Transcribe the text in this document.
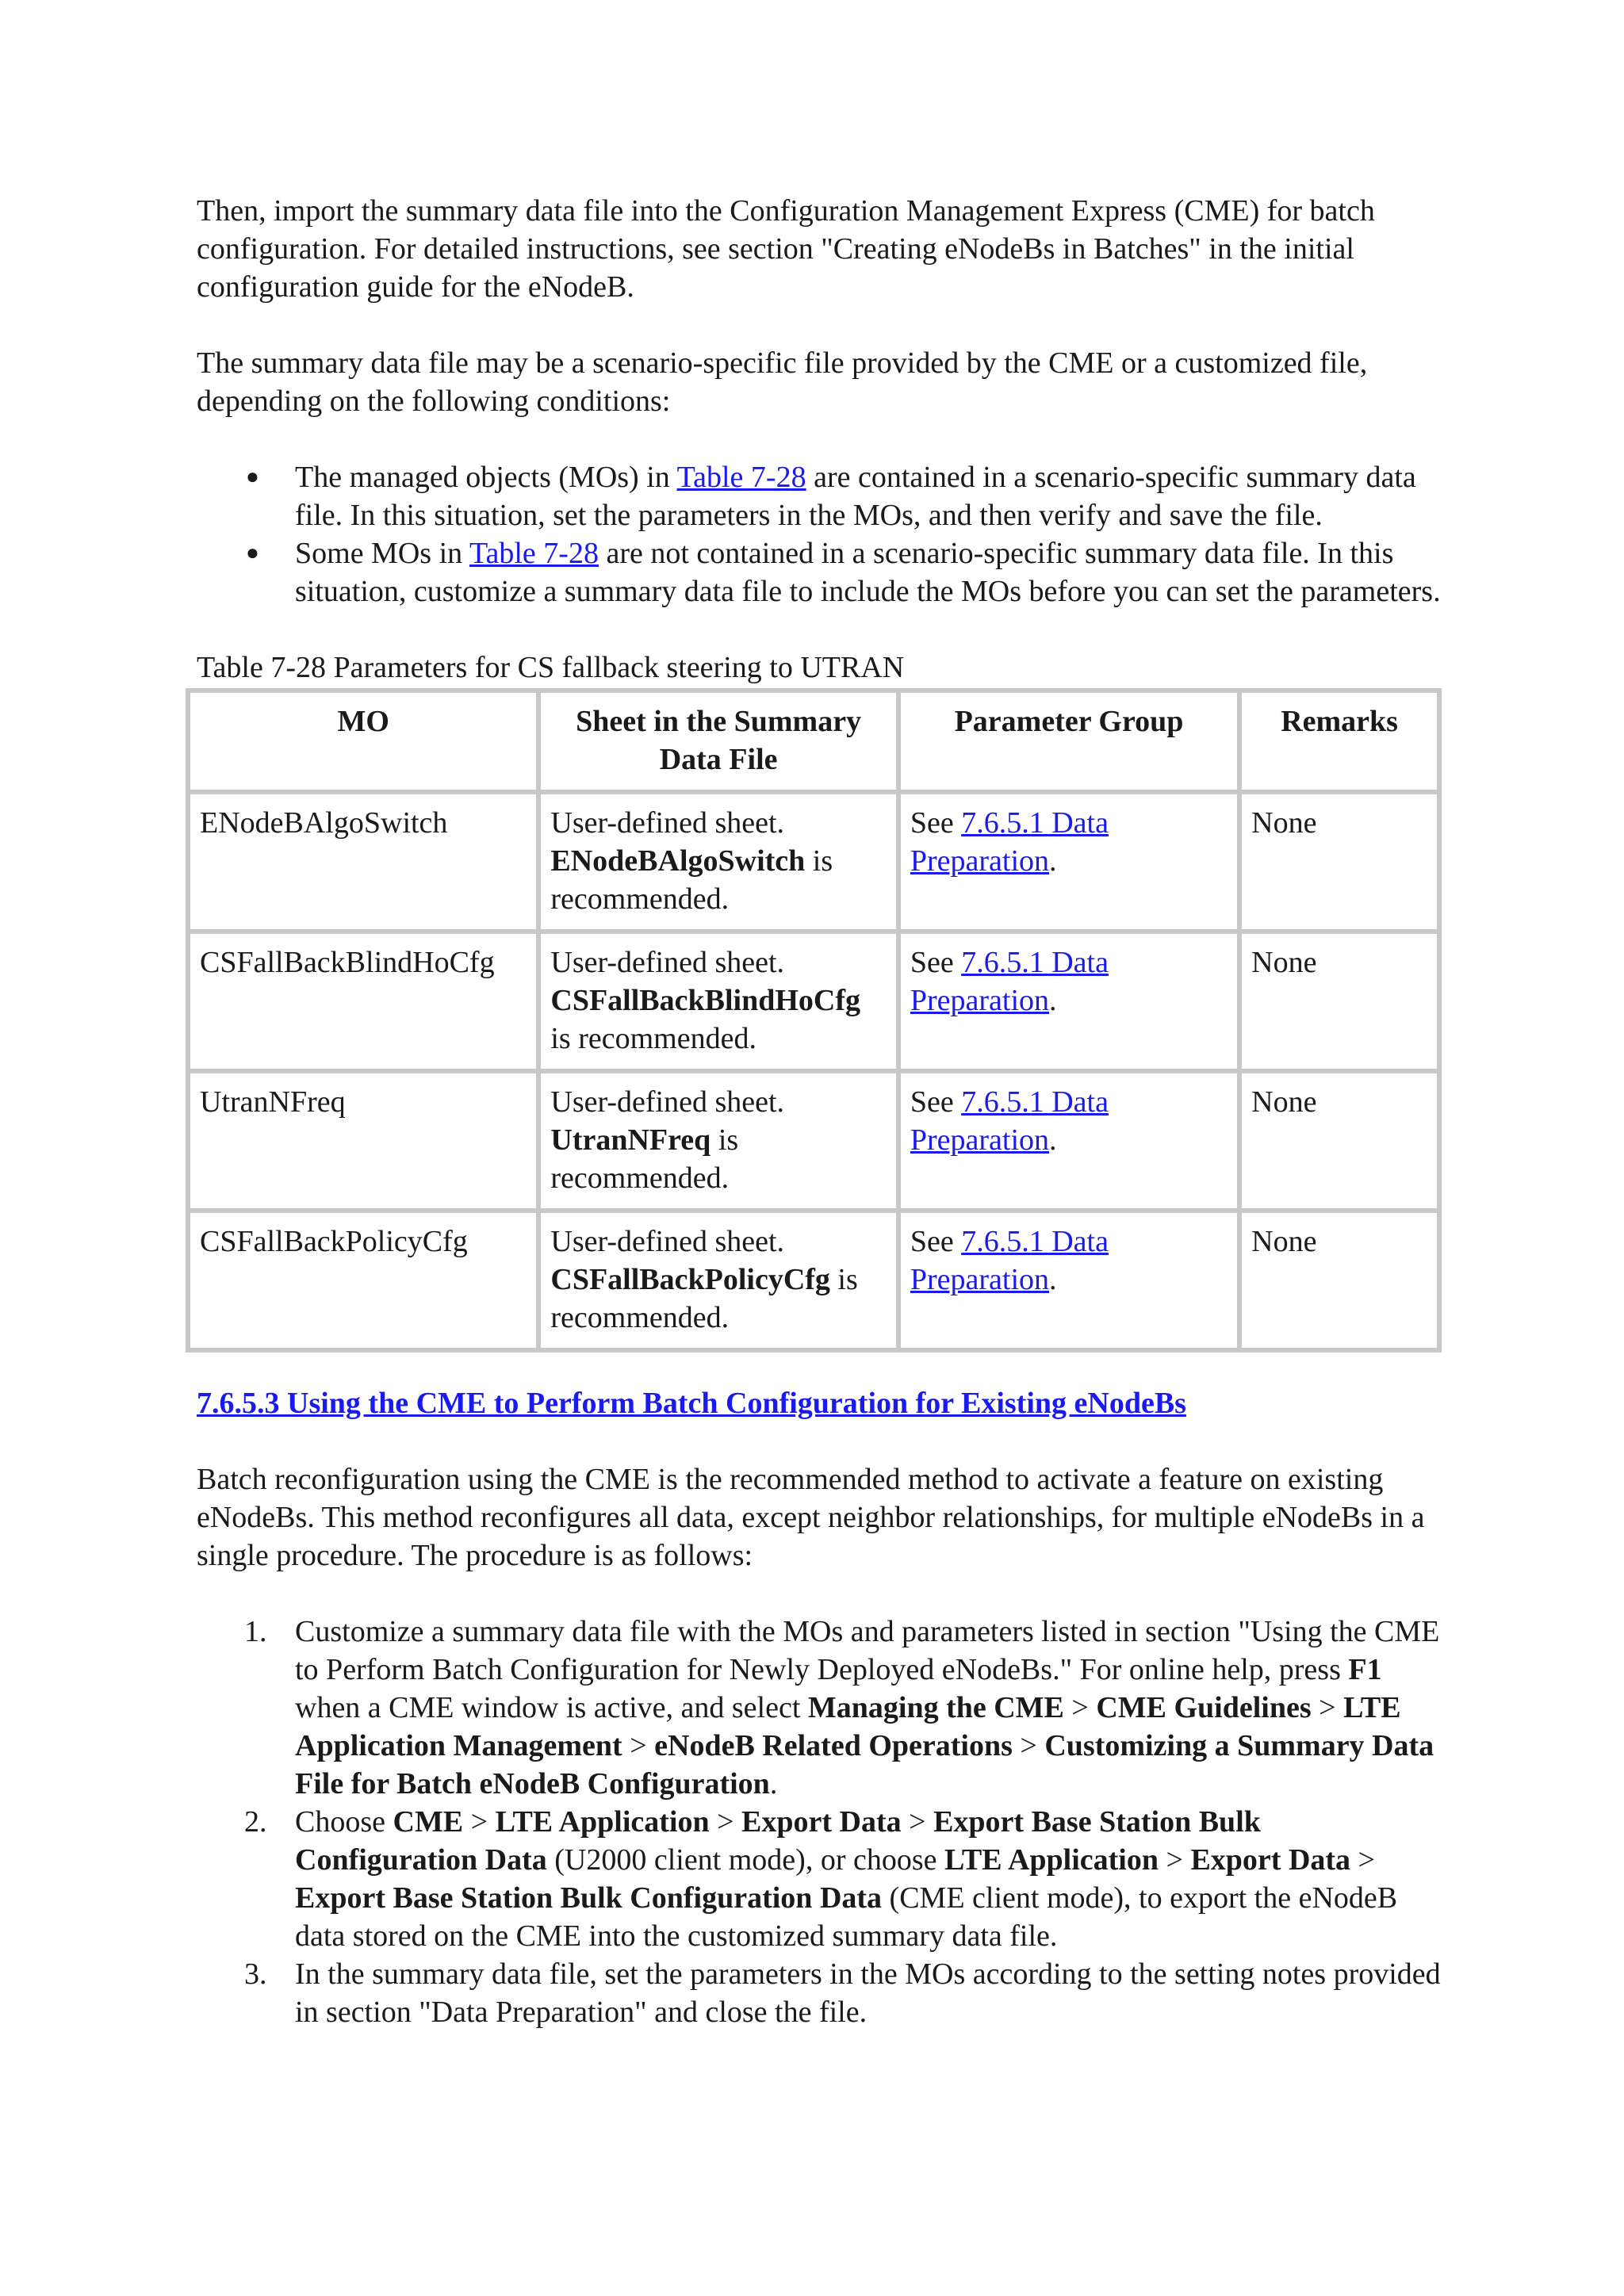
Then, import the summary data file into the Configuration Management Express (CME) for batch configuration. For detailed instructions, see section "Creating eNodeBs in Batches" in the initial configuration guide for the eNodeB.

The summary data file may be a scenario-specific file provided by the CME or a customized file, depending on the following conditions:

● The managed objects (MOs) in Table 7-28 are contained in a scenario-specific summary data file. In this situation, set the parameters in the MOs, and then verify and save the file.
● Some MOs in Table 7-28 are not contained in a scenario-specific summary data file. In this situation, customize a summary data file to include the MOs before you can set the parameters.

Table 7-28 Parameters for CS fallback steering to UTRAN

MO	Sheet in the Summary Data File	Parameter Group	Remarks
ENodeBAlgoSwitch	User-defined sheet. ENodeBAlgoSwitch is recommended.	See 7.6.5.1 Data Preparation.	None
CSFallBackBlindHoCfg	User-defined sheet. CSFallBackBlindHoCfg is recommended.	See 7.6.5.1 Data Preparation.	None
UtranNFreq	User-defined sheet. UtranNFreq is recommended.	See 7.6.5.1 Data Preparation.	None
CSFallBackPolicyCfg	User-defined sheet. CSFallBackPolicyCfg is recommended.	See 7.6.5.1 Data Preparation.	None

7.6.5.3 Using the CME to Perform Batch Configuration for Existing eNodeBs

Batch reconfiguration using the CME is the recommended method to activate a feature on existing eNodeBs. This method reconfigures all data, except neighbor relationships, for multiple eNodeBs in a single procedure. The procedure is as follows:

1. Customize a summary data file with the MOs and parameters listed in section "Using the CME to Perform Batch Configuration for Newly Deployed eNodeBs." For online help, press F1 when a CME window is active, and select Managing the CME > CME Guidelines > LTE Application Management > eNodeB Related Operations > Customizing a Summary Data File for Batch eNodeB Configuration.
2. Choose CME > LTE Application > Export Data > Export Base Station Bulk Configuration Data (U2000 client mode), or choose LTE Application > Export Data > Export Base Station Bulk Configuration Data (CME client mode), to export the eNodeB data stored on the CME into the customized summary data file.
3. In the summary data file, set the parameters in the MOs according to the setting notes provided in section "Data Preparation" and close the file.
